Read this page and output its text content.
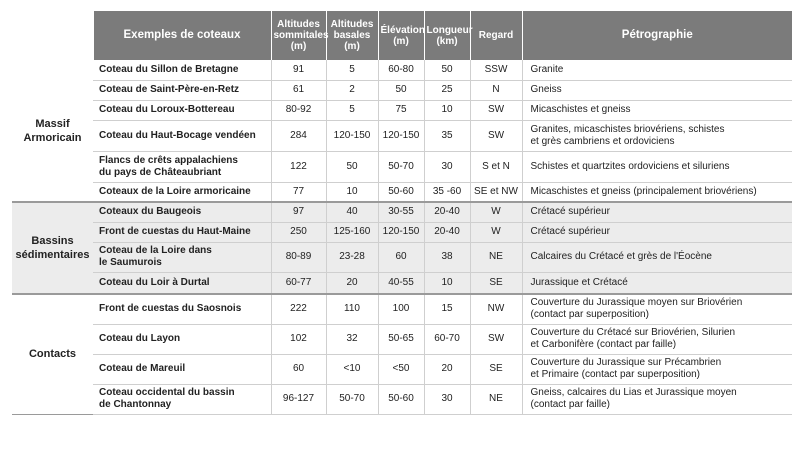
	Exemples de coteaux	Altitudes
sommitales
(m)	Altitudes
basales
(m)	Élévation
(m)	Longueur
(km)	Regard	Pétrographie
Massif
Armoricain	Coteau du Sillon de Bretagne	91	5	60-80	50	SSW	Granite
	Coteau de Saint-Père-en-Retz	61	2	50	25	N	Gneiss
	Coteau du Loroux-Bottereau	80-92	5	75	10	SW	Micaschistes et gneiss
	Coteau du Haut-Bocage vendéen	284	120-150	120-150	35	SW	Granites, micaschistes briovériens, schistes
et grès cambriens et ordoviciens
	Flancs de crêts appalachiens
du pays de Châteaubriant	122	50	50-70	30	S et N	Schistes et quartzites ordoviciens et siluriens
	Coteaux de la Loire armoricaine	77	10	50-60	35 -60	SE et NW	Micaschistes et gneiss (principalement briovériens)
Bassins
sédimentaires	Coteaux du Baugeois	97	40	30-55	20-40	W	Crétacé supérieur
	Front de cuestas du Haut-Maine	250	125-160	120-150	20-40	W	Crétacé supérieur
	Coteau de la Loire dans
le Saumurois	80-89	23-28	60	38	NE	Calcaires du Crétacé et grès de l'Éocène
	Coteau du Loir à Durtal	60-77	20	40-55	10	SE	Jurassique et Crétacé
Contacts	Front de cuestas du Saosnois	222	110	100	15	NW	Couverture du Jurassique moyen sur Briovérien
(contact par superposition)
	Coteau du Layon	102	32	50-65	60-70	SW	Couverture du Crétacé sur Briovérien, Silurien
et Carbonifère (contact par faille)
	Coteau de Mareuil	60	<10	<50	20	SE	Couverture du Jurassique sur Précambrien
et Primaire (contact par superposition)
	Coteau occidental du bassin
de Chantonnay	96-127	50-70	50-60	30	NE	Gneiss, calcaires du Lias et Jurassique moyen
(contact par faille)
